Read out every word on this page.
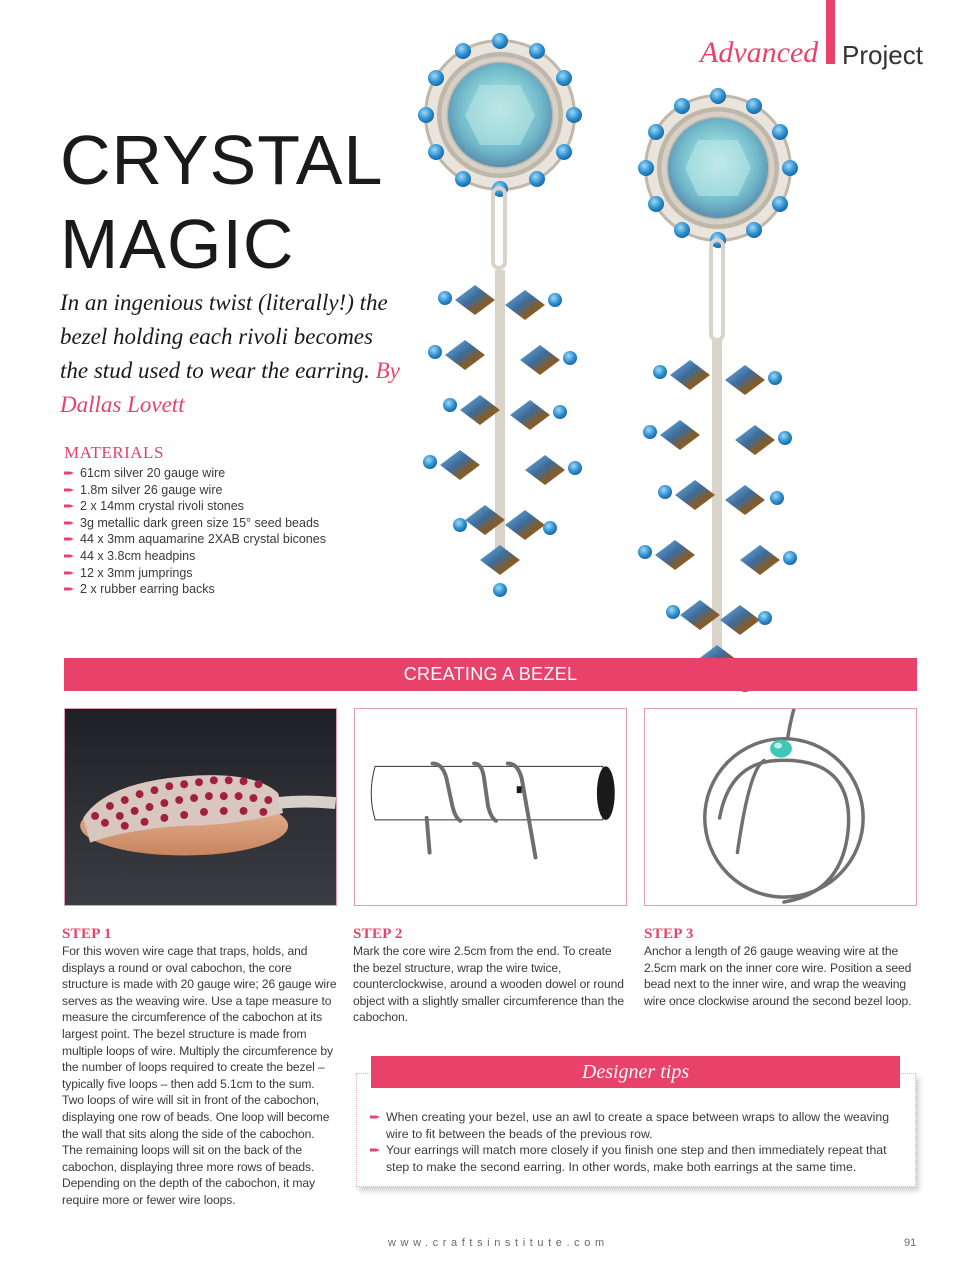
Advanced Project
CRYSTAL
MAGIC

In an ingenious twist (literally!) the bezel holding each rivoli becomes the stud used to wear the earring. By Dallas Lovett

MATERIALS
61cm silver 20 gauge wire
1.8m silver 26 gauge wire
2 x 14mm crystal rivoli stones
3g metallic dark green size 15° seed beads
44 x 3mm aquamarine 2XAB crystal bicones
44 x 3.8cm headpins
12 x 3mm jumprings
2 x rubber earring backs
CREATING A BEZEL
STEP 1

For this woven wire cage that traps, holds, and displays a round or oval cabochon, the core structure is made with 20 gauge wire; 26 gauge wire serves as the weaving wire. Use a tape measure to measure the circumference of the cabochon at its largest point. The bezel structure is made from multiple loops of wire. Multiply the circumference by the number of loops required to create the bezel – typically five loops – then add 5.1cm to the sum. Two loops of wire will sit in front of the cabochon, displaying one row of beads. One loop will become the wall that sits along the side of the cabochon. The remaining loops will sit on the back of the cabochon, displaying three more rows of beads. Depending on the depth of the cabochon, it may require more or fewer wire loops.

STEP 2

Mark the core wire 2.5cm from the end. To create the bezel structure, wrap the wire twice, counterclockwise, around a wooden dowel or round object with a slightly smaller circumference than the cabochon.

STEP 3

Anchor a length of 26 gauge weaving wire at the 2.5cm mark on the inner core wire. Position a seed bead next to the inner wire, and wrap the weaving wire once clockwise around the second bezel loop.

Designer tips
When creating your bezel, use an awl to create a space between wraps to allow the weaving wire to fit between the beads of the previous row.
Your earrings will match more closely if you finish one step and then immediately repeat that step to make the second earring. In other words, make both earrings at the same time.
www.craftsinstitute.com	91
